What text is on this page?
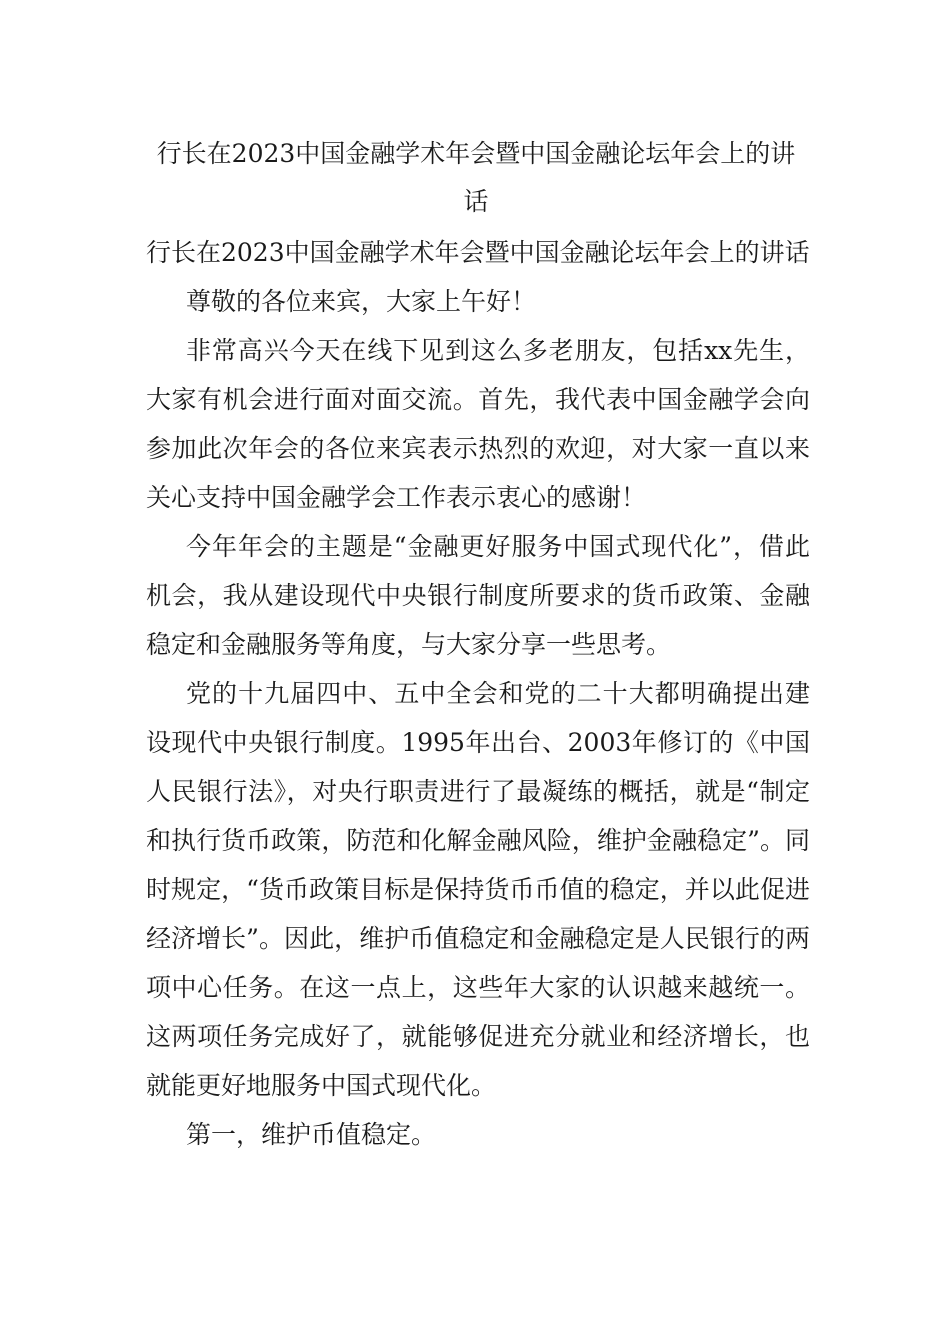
行长在2023中国金融学术年会暨中国金融论坛年会上的讲话

行长在2023中国金融学术年会暨中国金融论坛年会上的讲话

尊敬的各位来宾，大家上午好！

非常高兴今天在线下见到这么多老朋友，包括xx先生，大家有机会进行面对面交流。首先，我代表中国金融学会向参加此次年会的各位来宾表示热烈的欢迎，对大家一直以来关心支持中国金融学会工作表示衷心的感谢！

今年年会的主题是“金融更好服务中国式现代化”，借此机会，我从建设现代中央银行制度所要求的货币政策、金融稳定和金融服务等角度，与大家分享一些思考。

党的十九届四中、五中全会和党的二十大都明确提出建设现代中央银行制度。1995年出台、2003年修订的《中国人民银行法》，对央行职责进行了最凝练的概括，就是“制定和执行货币政策，防范和化解金融风险，维护金融稳定”。同时规定，“货币政策目标是保持货币币值的稳定，并以此促进经济增长”。因此，维护币值稳定和金融稳定是人民银行的两项中心任务。在这一点上，这些年大家的认识越来越统一。这两项任务完成好了，就能够促进充分就业和经济增长，也就能更好地服务中国式现代化。

第一，维护币值稳定。
